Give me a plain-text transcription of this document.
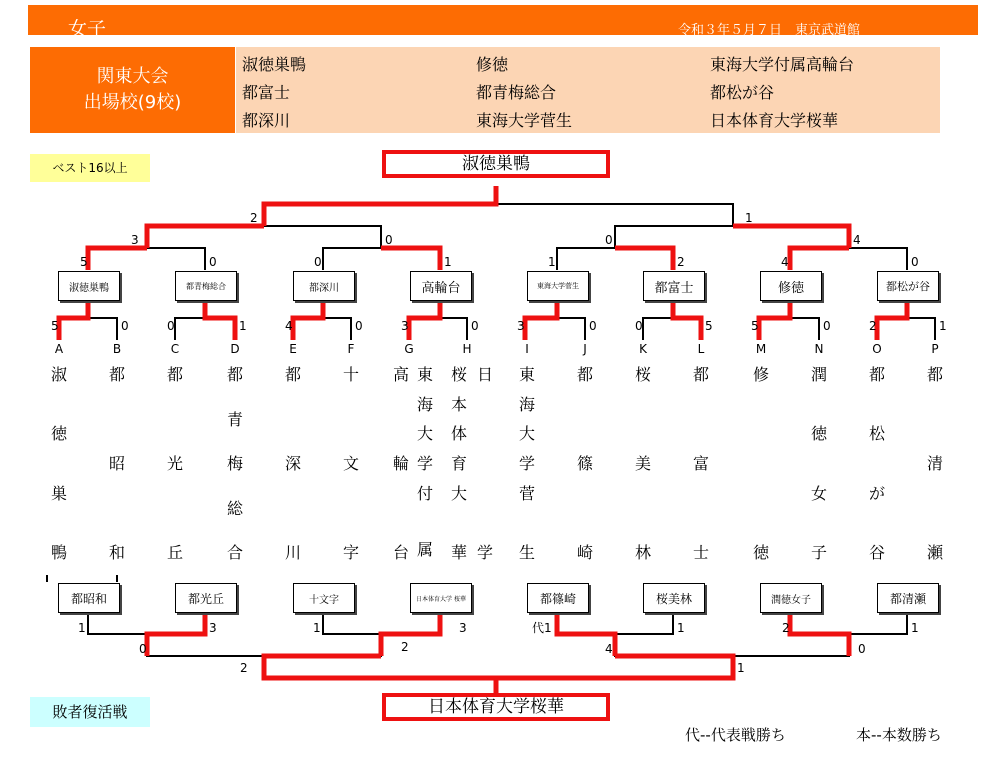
女子	令和３年５月７日　東京武道館
関東大会
出場校(9校)
淑徳巣鴨	修徳	東海大学付属高輪台
都富士	都青梅総合	都松が谷
都深川	東海大学菅生	日本体育大学桜華
ベスト16以上
敗者復活戦
淑徳巣鴨
日本体育大学桜華
淑徳巣鴨	都青梅総合	都深川	高輪台	東海大学菅生	都富士	修徳	都松が谷
都昭和	都光丘	十文字	日本体育大学 桜華	都篠崎	桜美林	潤徳女子	都清瀬
2	1
3	0	0	4
5	0	0	1	1	2	4	0
5	0	0	1	4	0	3	0	3	0	0	5	5	0	2	1
1	3	1	3	代1	1	2	1
0	2	4	0
2	1
A	B	C	D	E	F	G	H	I	J	K	L	M	N	O	P
淑
徳
巣
鴨
都
昭
和
都
光
丘
都
青
梅
総
合
都
深
川
十
文
字
高
輪
台
東
海
大
学
付
属
桜
本
体
育
大
華
日
学
東
海
大
学
菅
生
都
篠
崎
桜
美
林
都
富
士
修
徳
潤
徳
女
子
都
松
が
谷
都
清
瀬
代--代表戦勝ち	本--本数勝ち
